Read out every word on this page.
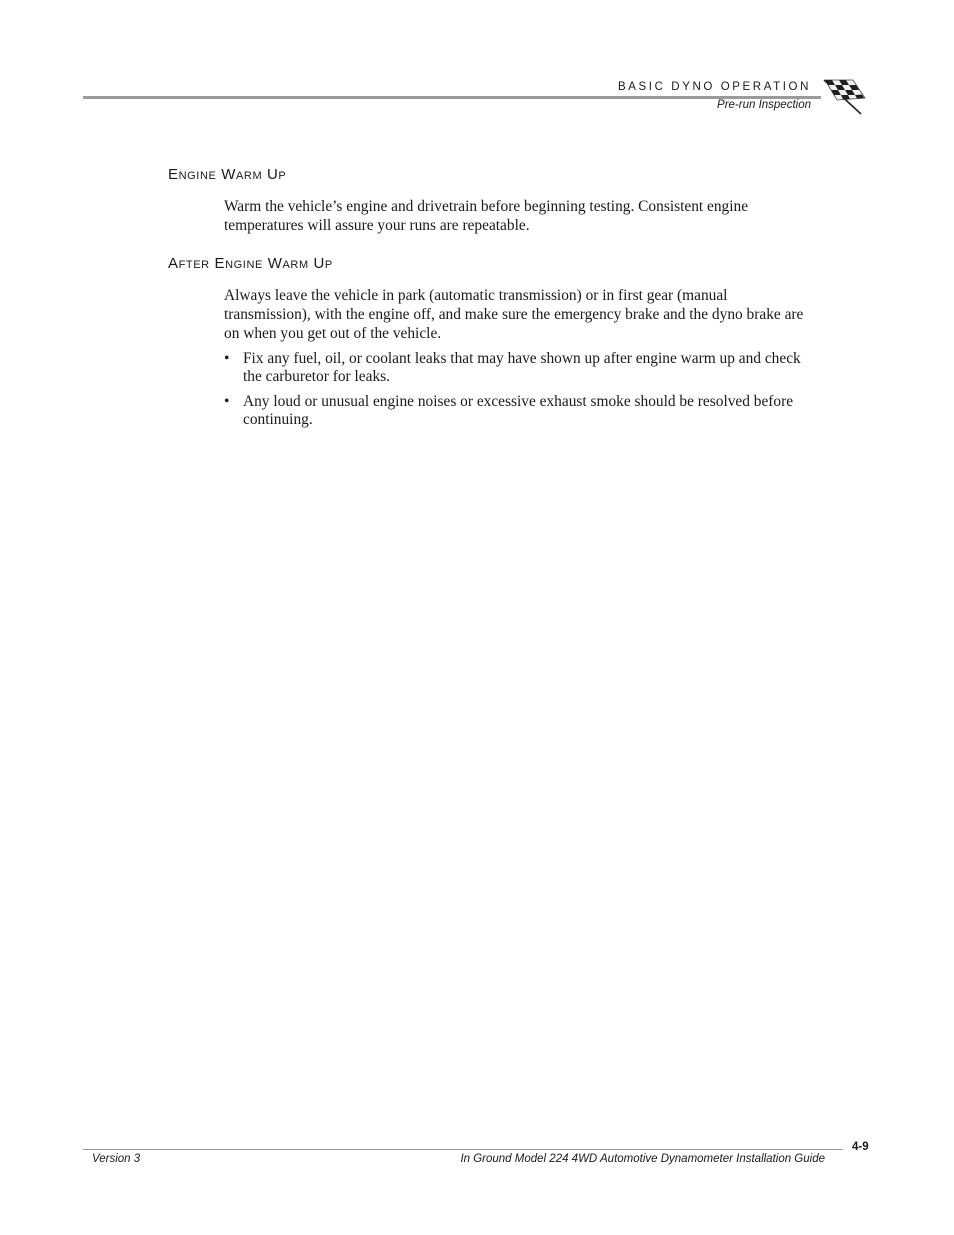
BASIC DYNO OPERATION
Pre-run Inspection
Engine Warm Up

Warm the vehicle’s engine and drivetrain before beginning testing. Consistent engine temperatures will assure your runs are repeatable.

After Engine Warm Up

Always leave the vehicle in park (automatic transmission) or in first gear (manual transmission), with the engine off, and make sure the emergency brake and the dyno brake are on when you get out of the vehicle.

• Fix any fuel, oil, or coolant leaks that may have shown up after engine warm up and check the carburetor for leaks.
• Any loud or unusual engine noises or excessive exhaust smoke should be resolved before continuing.
4-9
Version 3	In Ground Model 224 4WD Automotive Dynamometer Installation Guide
